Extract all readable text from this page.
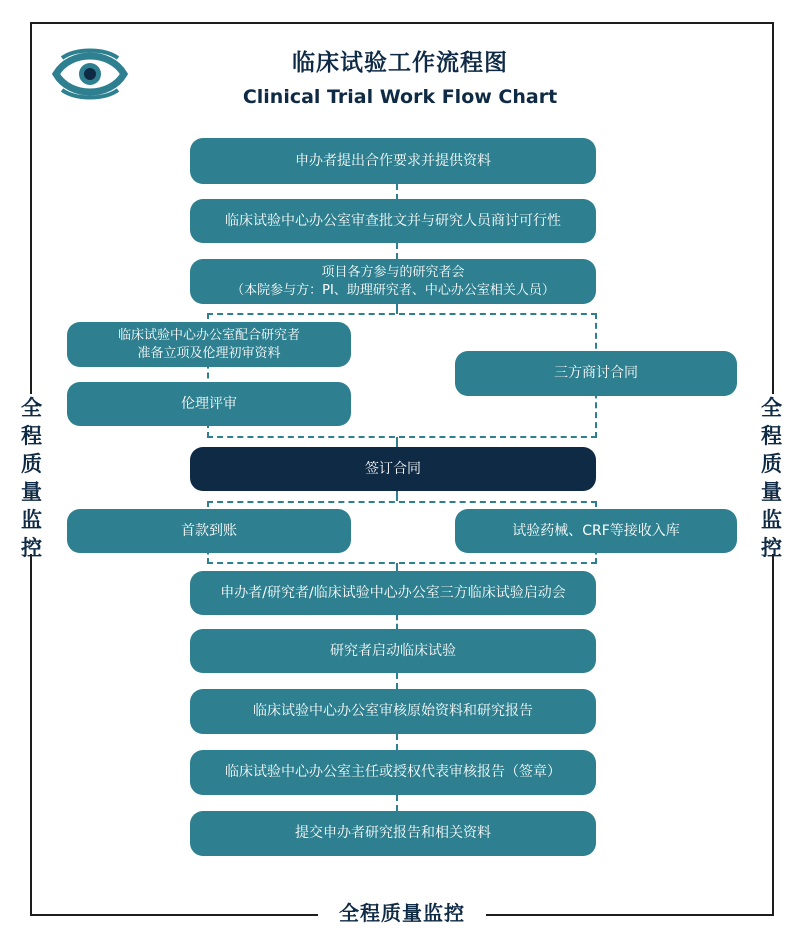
全
程
质
量
监
控
全
程
质
量
监
控
全程质量监控
临床试验工作流程图
Clinical Trial Work Flow Chart
申办者提出合作要求并提供资料
临床试验中心办公室审查批文并与研究人员商讨可行性
项目各方参与的研究者会
（本院参与方：PI、助理研究者、中心办公室相关人员）
临床试验中心办公室配合研究者
准备立项及伦理初审资料
伦理评审
三方商讨合同
签订合同
首款到账	试验药械、CRF等接收入库
申办者/研究者/临床试验中心办公室三方临床试验启动会
研究者启动临床试验
临床试验中心办公室审核原始资料和研究报告
临床试验中心办公室主任或授权代表审核报告（签章）
提交申办者研究报告和相关资料
